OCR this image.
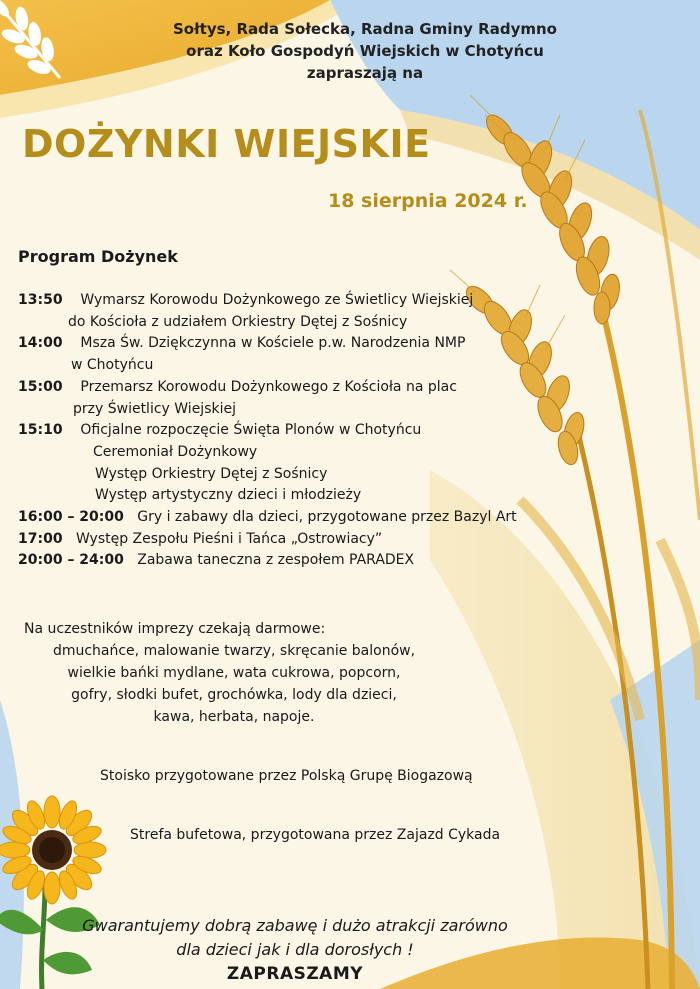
Sołtys, Rada Sołecka, Radna Gminy Radymno
oraz Koło Gospodyń Wiejskich w Chotyńcu
zapraszają na
DOŻYNKI WIEJSKIE
18 sierpnia 2024 r.
Program Dożynek
13:50 Wymarsz Korowodu Dożynkowego ze Świetlicy Wiejskiej
do Kościoła z udziałem Orkiestry Dętej z Sośnicy
14:00 Msza Św. Dziękczynna w Kościele p.w. Narodzenia NMP
w Chotyńcu
15:00 Przemarsz Korowodu Dożynkowego z Kościoła na plac
przy Świetlicy Wiejskiej
15:10 Oficjalne rozpoczęcie Święta Plonów w Chotyńcu
Ceremoniał Dożynkowy
Występ Orkiestry Dętej z Sośnicy
Występ artystyczny dzieci i młodzieży
16:00 – 20:00 Gry i zabawy dla dzieci, przygotowane przez Bazyl Art
17:00 Występ Zespołu Pieśni i Tańca „Ostrowiacy”
20:00 – 24:00 Zabawa taneczna z zespołem PARADEX
Na uczestników imprezy czekają darmowe:
dmuchańce, malowanie twarzy, skręcanie balonów,
wielkie bańki mydlane, wata cukrowa, popcorn,
gofry, słodki bufet, grochówka, lody dla dzieci,
kawa, herbata, napoje.
Stoisko przygotowane przez Polską Grupę Biogazową
Strefa bufetowa, przygotowana przez Zajazd Cykada
Gwarantujemy dobrą zabawę i dużo atrakcji zarówno
dla dzieci jak i dla dorosłych !
ZAPRASZAMY
